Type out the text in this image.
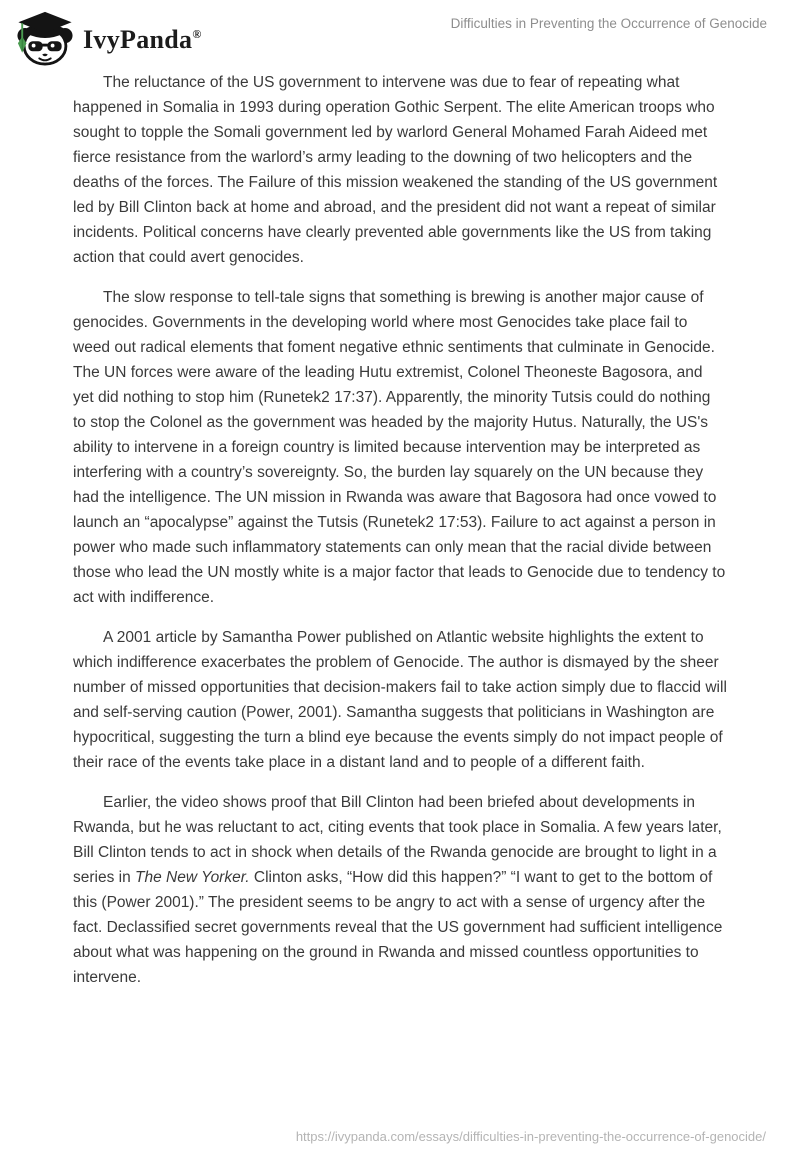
IvyPanda®
Difficulties in Preventing the Occurrence of Genocide

The reluctance of the US government to intervene was due to fear of repeating what happened in Somalia in 1993 during operation Gothic Serpent. The elite American troops who sought to topple the Somali government led by warlord General Mohamed Farah Aideed met fierce resistance from the warlord’s army leading to the downing of two helicopters and the deaths of the forces. The Failure of this mission weakened the standing of the US government led by Bill Clinton back at home and abroad, and the president did not want a repeat of similar incidents. Political concerns have clearly prevented able governments like the US from taking action that could avert genocides.

The slow response to tell-tale signs that something is brewing is another major cause of genocides. Governments in the developing world where most Genocides take place fail to weed out radical elements that foment negative ethnic sentiments that culminate in Genocide. The UN forces were aware of the leading Hutu extremist, Colonel Theoneste Bagosora, and yet did nothing to stop him (Runetek2 17:37). Apparently, the minority Tutsis could do nothing to stop the Colonel as the government was headed by the majority Hutus. Naturally, the US's ability to intervene in a foreign country is limited because intervention may be interpreted as interfering with a country’s sovereignty. So, the burden lay squarely on the UN because they had the intelligence. The UN mission in Rwanda was aware that Bagosora had once vowed to launch an “apocalypse” against the Tutsis (Runetek2 17:53). Failure to act against a person in power who made such inflammatory statements can only mean that the racial divide between those who lead the UN mostly white is a major factor that leads to Genocide due to tendency to act with indifference.

A 2001 article by Samantha Power published on Atlantic website highlights the extent to which indifference exacerbates the problem of Genocide. The author is dismayed by the sheer number of missed opportunities that decision-makers fail to take action simply due to flaccid will and self-serving caution (Power, 2001). Samantha suggests that politicians in Washington are hypocritical, suggesting the turn a blind eye because the events simply do not impact people of their race of the events take place in a distant land and to people of a different faith.

Earlier, the video shows proof that Bill Clinton had been briefed about developments in Rwanda, but he was reluctant to act, citing events that took place in Somalia. A few years later, Bill Clinton tends to act in shock when details of the Rwanda genocide are brought to light in a series in The New Yorker. Clinton asks, “How did this happen?” “I want to get to the bottom of this (Power 2001).” The president seems to be angry to act with a sense of urgency after the fact. Declassified secret governments reveal that the US government had sufficient intelligence about what was happening on the ground in Rwanda and missed countless opportunities to intervene.

https://ivypanda.com/essays/difficulties-in-preventing-the-occurrence-of-genocide/
